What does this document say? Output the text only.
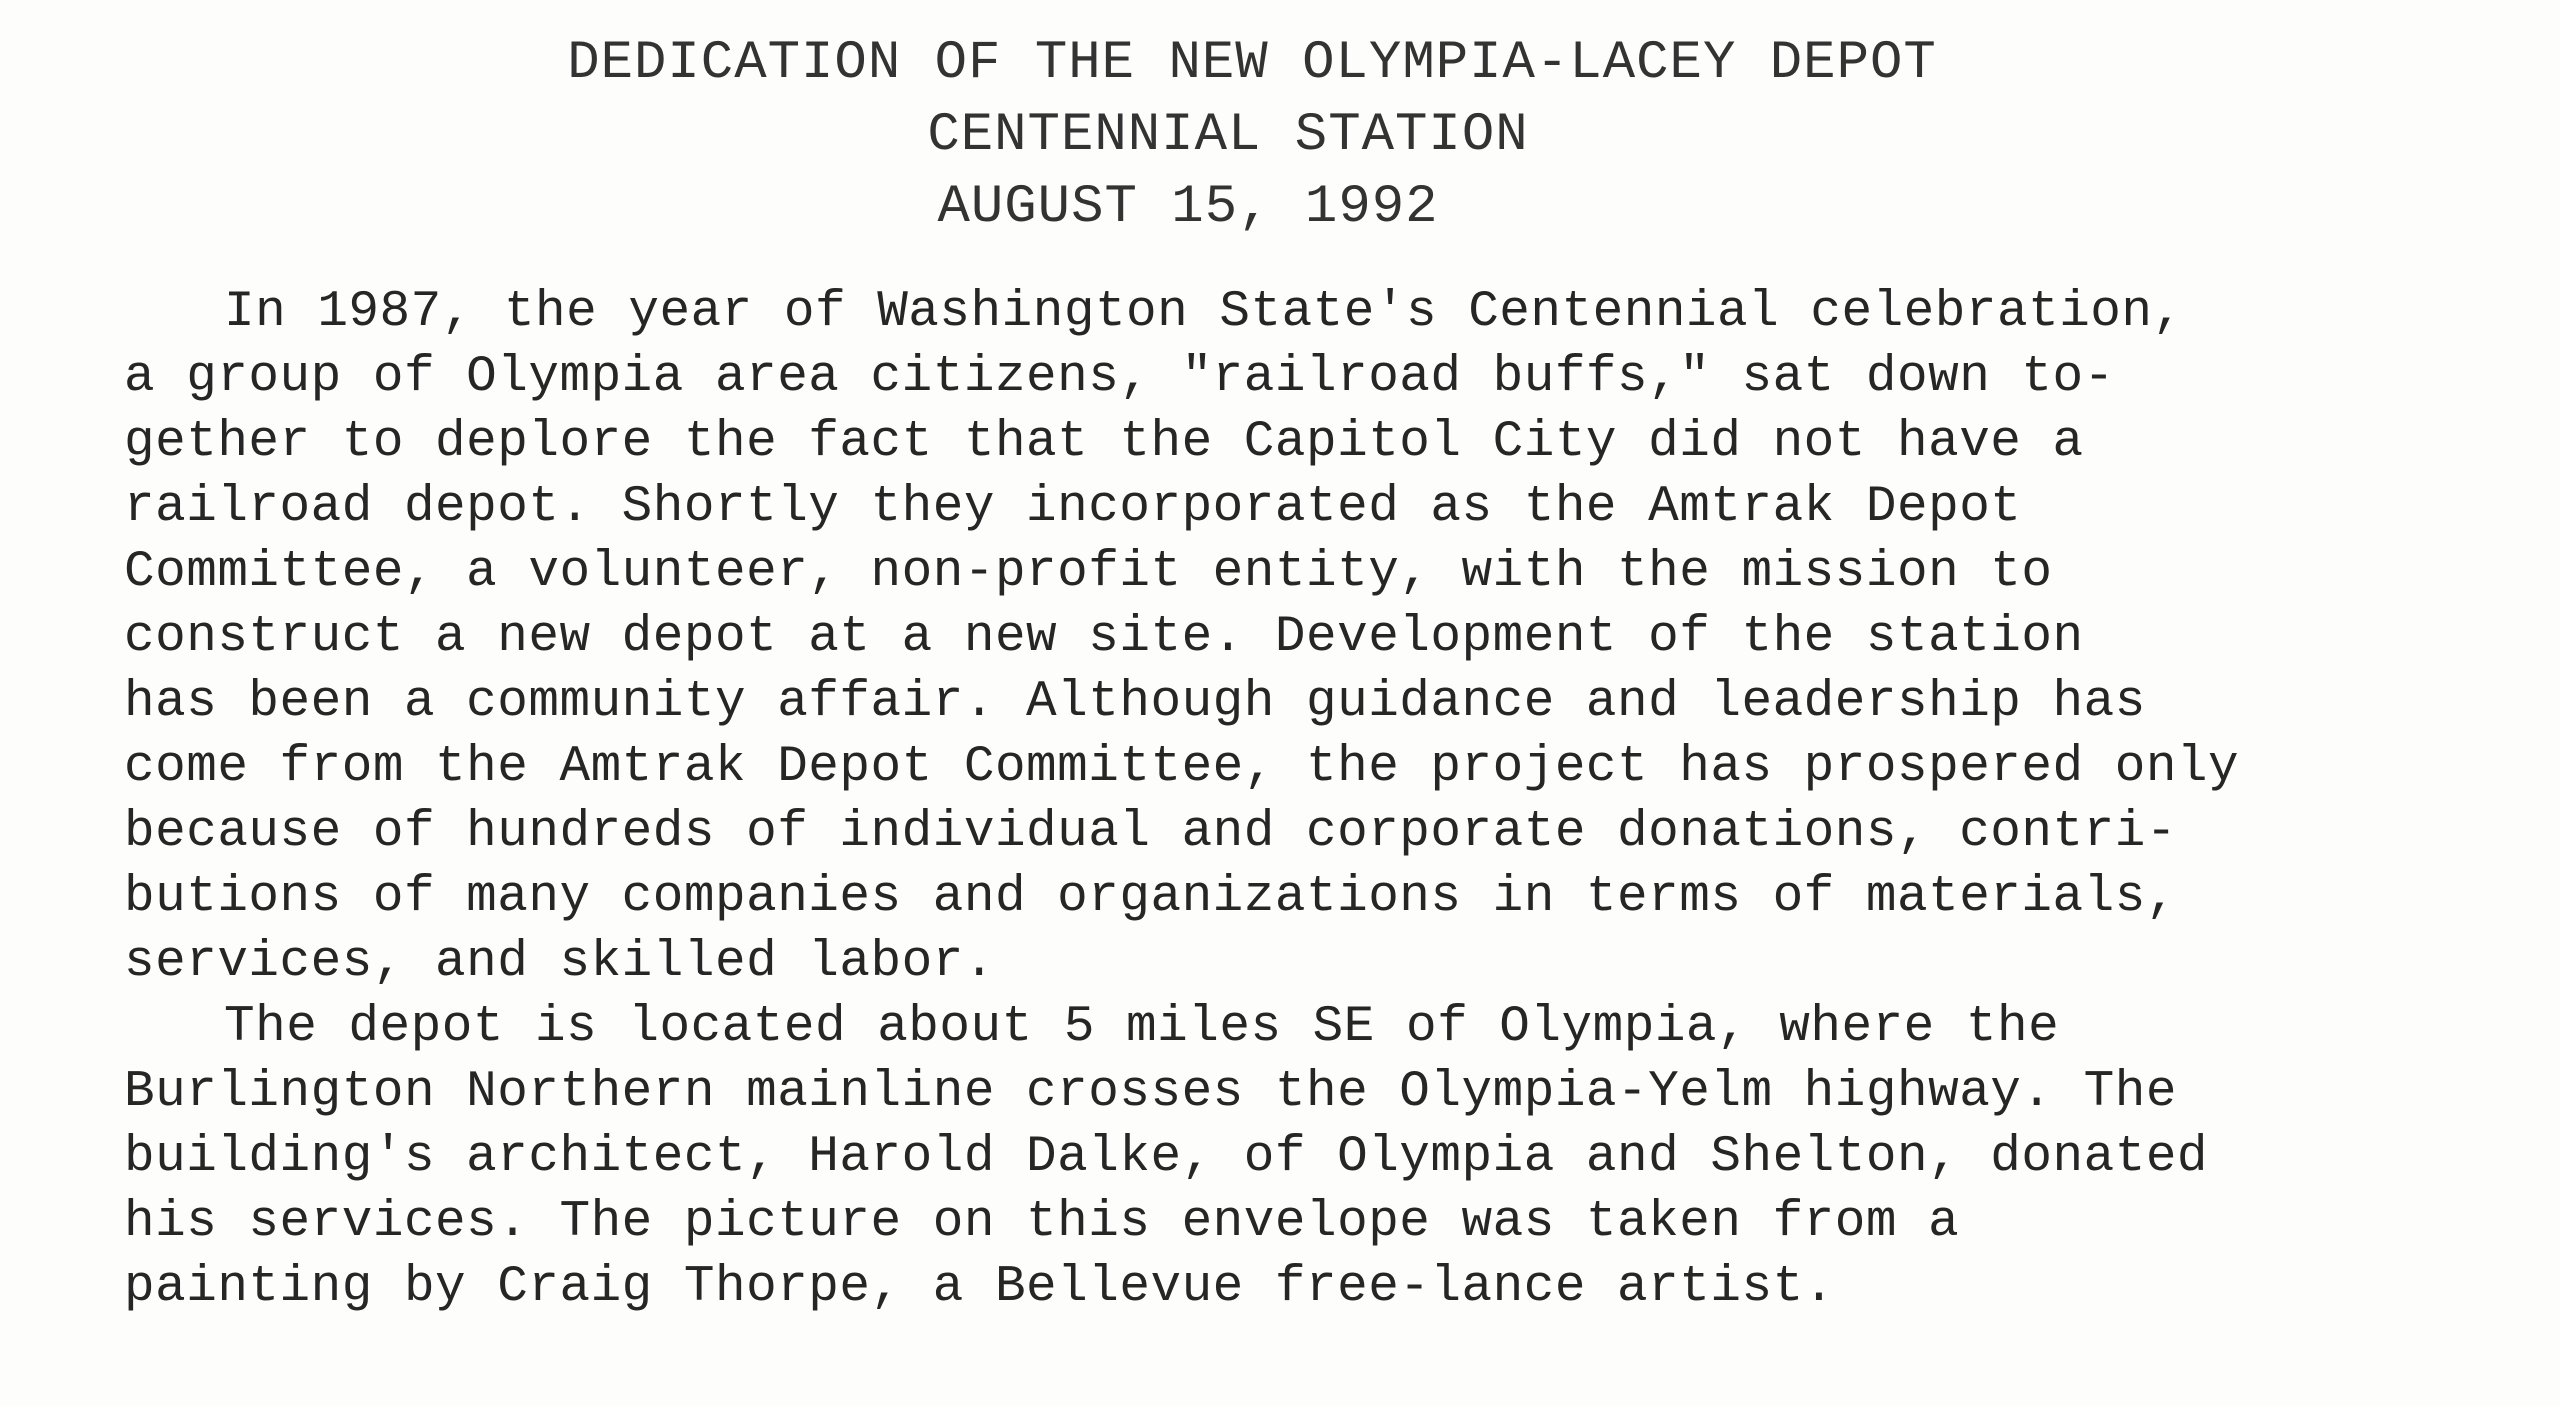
DEDICATION OF THE NEW OLYMPIA-LACEY DEPOT
CENTENNIAL STATION
AUGUST 15, 1992
In 1987, the year of Washington State's Centennial celebration,
a group of Olympia area citizens, "railroad buffs," sat down to-
gether to deplore the fact that the Capitol City did not have a
railroad depot. Shortly they incorporated as the Amtrak Depot
Committee, a volunteer, non-profit entity, with the mission to
construct a new depot at a new site. Development of the station
has been a community affair. Although guidance and leadership has
come from the Amtrak Depot Committee, the project has prospered only
because of hundreds of individual and corporate donations, contri-
butions of many companies and organizations in terms of materials,
services, and skilled labor.
The depot is located about 5 miles SE of Olympia, where the
Burlington Northern mainline crosses the Olympia-Yelm highway. The
building's architect, Harold Dalke, of Olympia and Shelton, donated
his services. The picture on this envelope was taken from a
painting by Craig Thorpe, a Bellevue free-lance artist.
